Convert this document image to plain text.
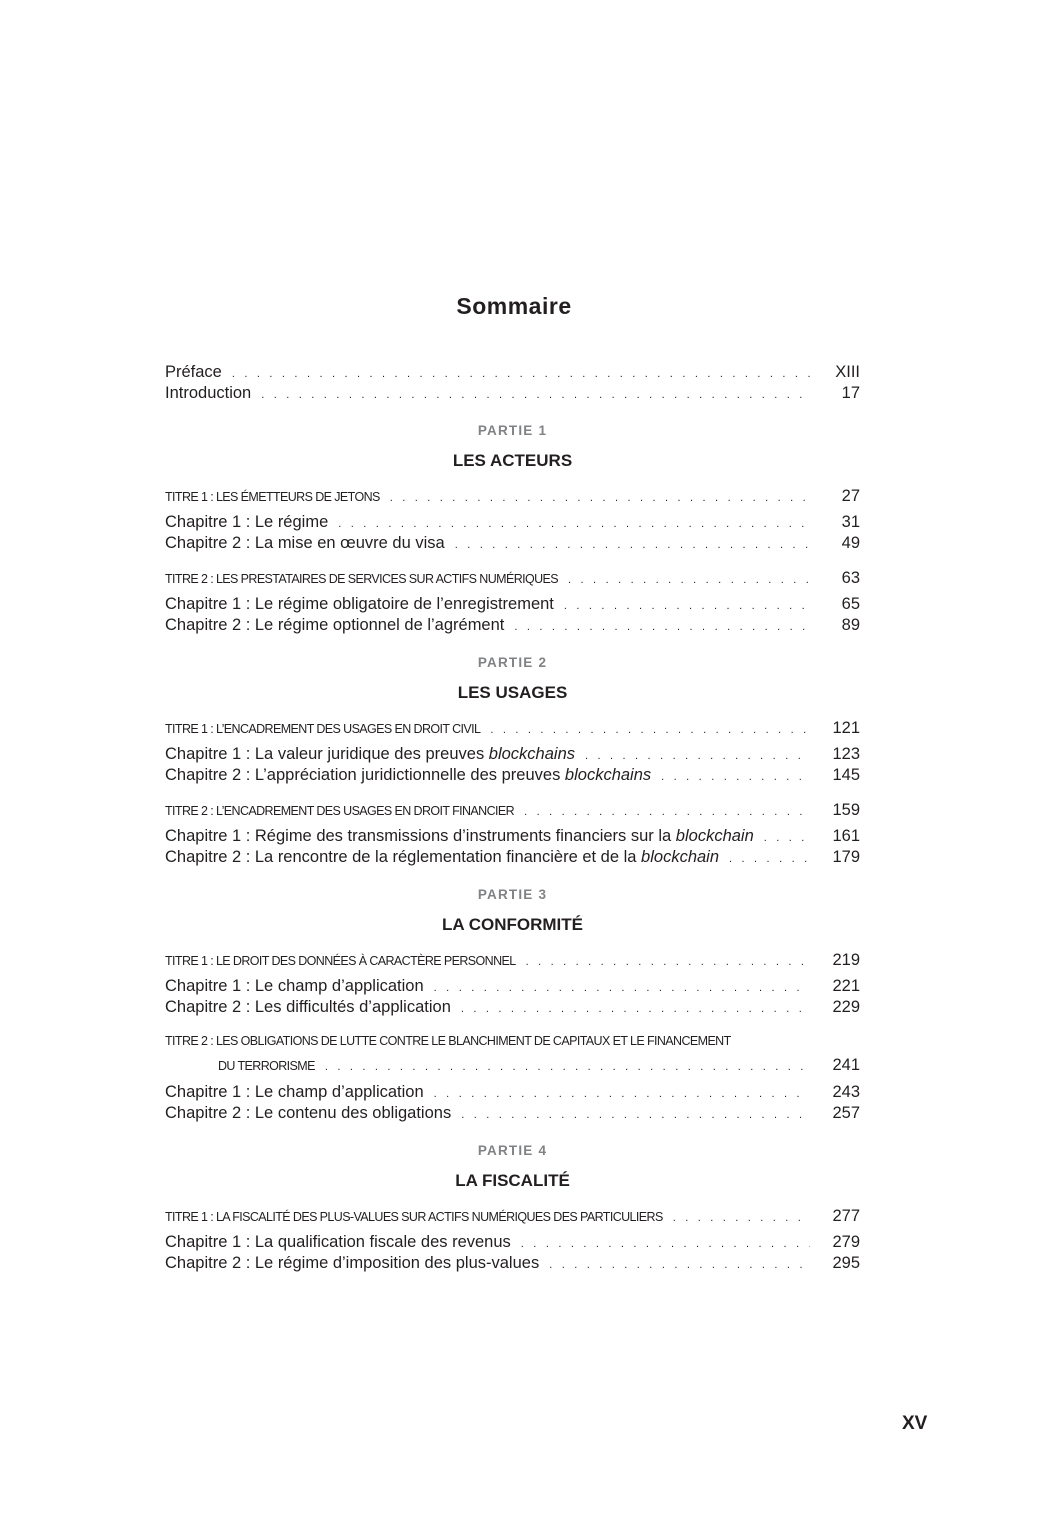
Sommaire
Préface . . .	XIII
Introduction . . .	17
PARTIE 1
LES ACTEURS
TITRE 1 : LES ÉMETTEURS DE JETONS . . .	27
Chapitre 1 : Le régime . . .	31
Chapitre 2 : La mise en œuvre du visa . . .	49
TITRE 2 : LES PRESTATAIRES DE SERVICES SUR ACTIFS NUMÉRIQUES . . .	63
Chapitre 1 : Le régime obligatoire de l’enregistrement . . .	65
Chapitre 2 : Le régime optionnel de l’agrément . . .	89
PARTIE 2
LES USAGES
TITRE 1 : L’ENCADREMENT DES USAGES EN DROIT CIVIL . . .	121
Chapitre 1 : La valeur juridique des preuves blockchains . . .	123
Chapitre 2 : L’appréciation juridictionnelle des preuves blockchains . . .	145
TITRE 2 : L’ENCADREMENT DES USAGES EN DROIT FINANCIER . . .	159
Chapitre 1 : Régime des transmissions d’instruments financiers sur la blockchain . . .	161
Chapitre 2 : La rencontre de la réglementation financière et de la blockchain . . .	179
PARTIE 3
LA CONFORMITÉ
TITRE 1 : LE DROIT DES DONNÉES À CARACTÈRE PERSONNEL . . .	219
Chapitre 1 : Le champ d’application . . .	221
Chapitre 2 : Les difficultés d’application . . .	229
TITRE 2 : LES OBLIGATIONS DE LUTTE CONTRE LE BLANCHIMENT DE CAPITAUX ET LE FINANCEMENT
DU TERRORISME . . .	241
Chapitre 1 : Le champ d’application . . .	243
Chapitre 2 : Le contenu des obligations . . .	257
PARTIE 4
LA FISCALITÉ
TITRE 1 : LA FISCALITÉ DES PLUS-VALUES SUR ACTIFS NUMÉRIQUES DES PARTICULIERS . . .	277
Chapitre 1 : La qualification fiscale des revenus . . .	279
Chapitre 2 : Le régime d’imposition des plus-values . . .	295
XV
